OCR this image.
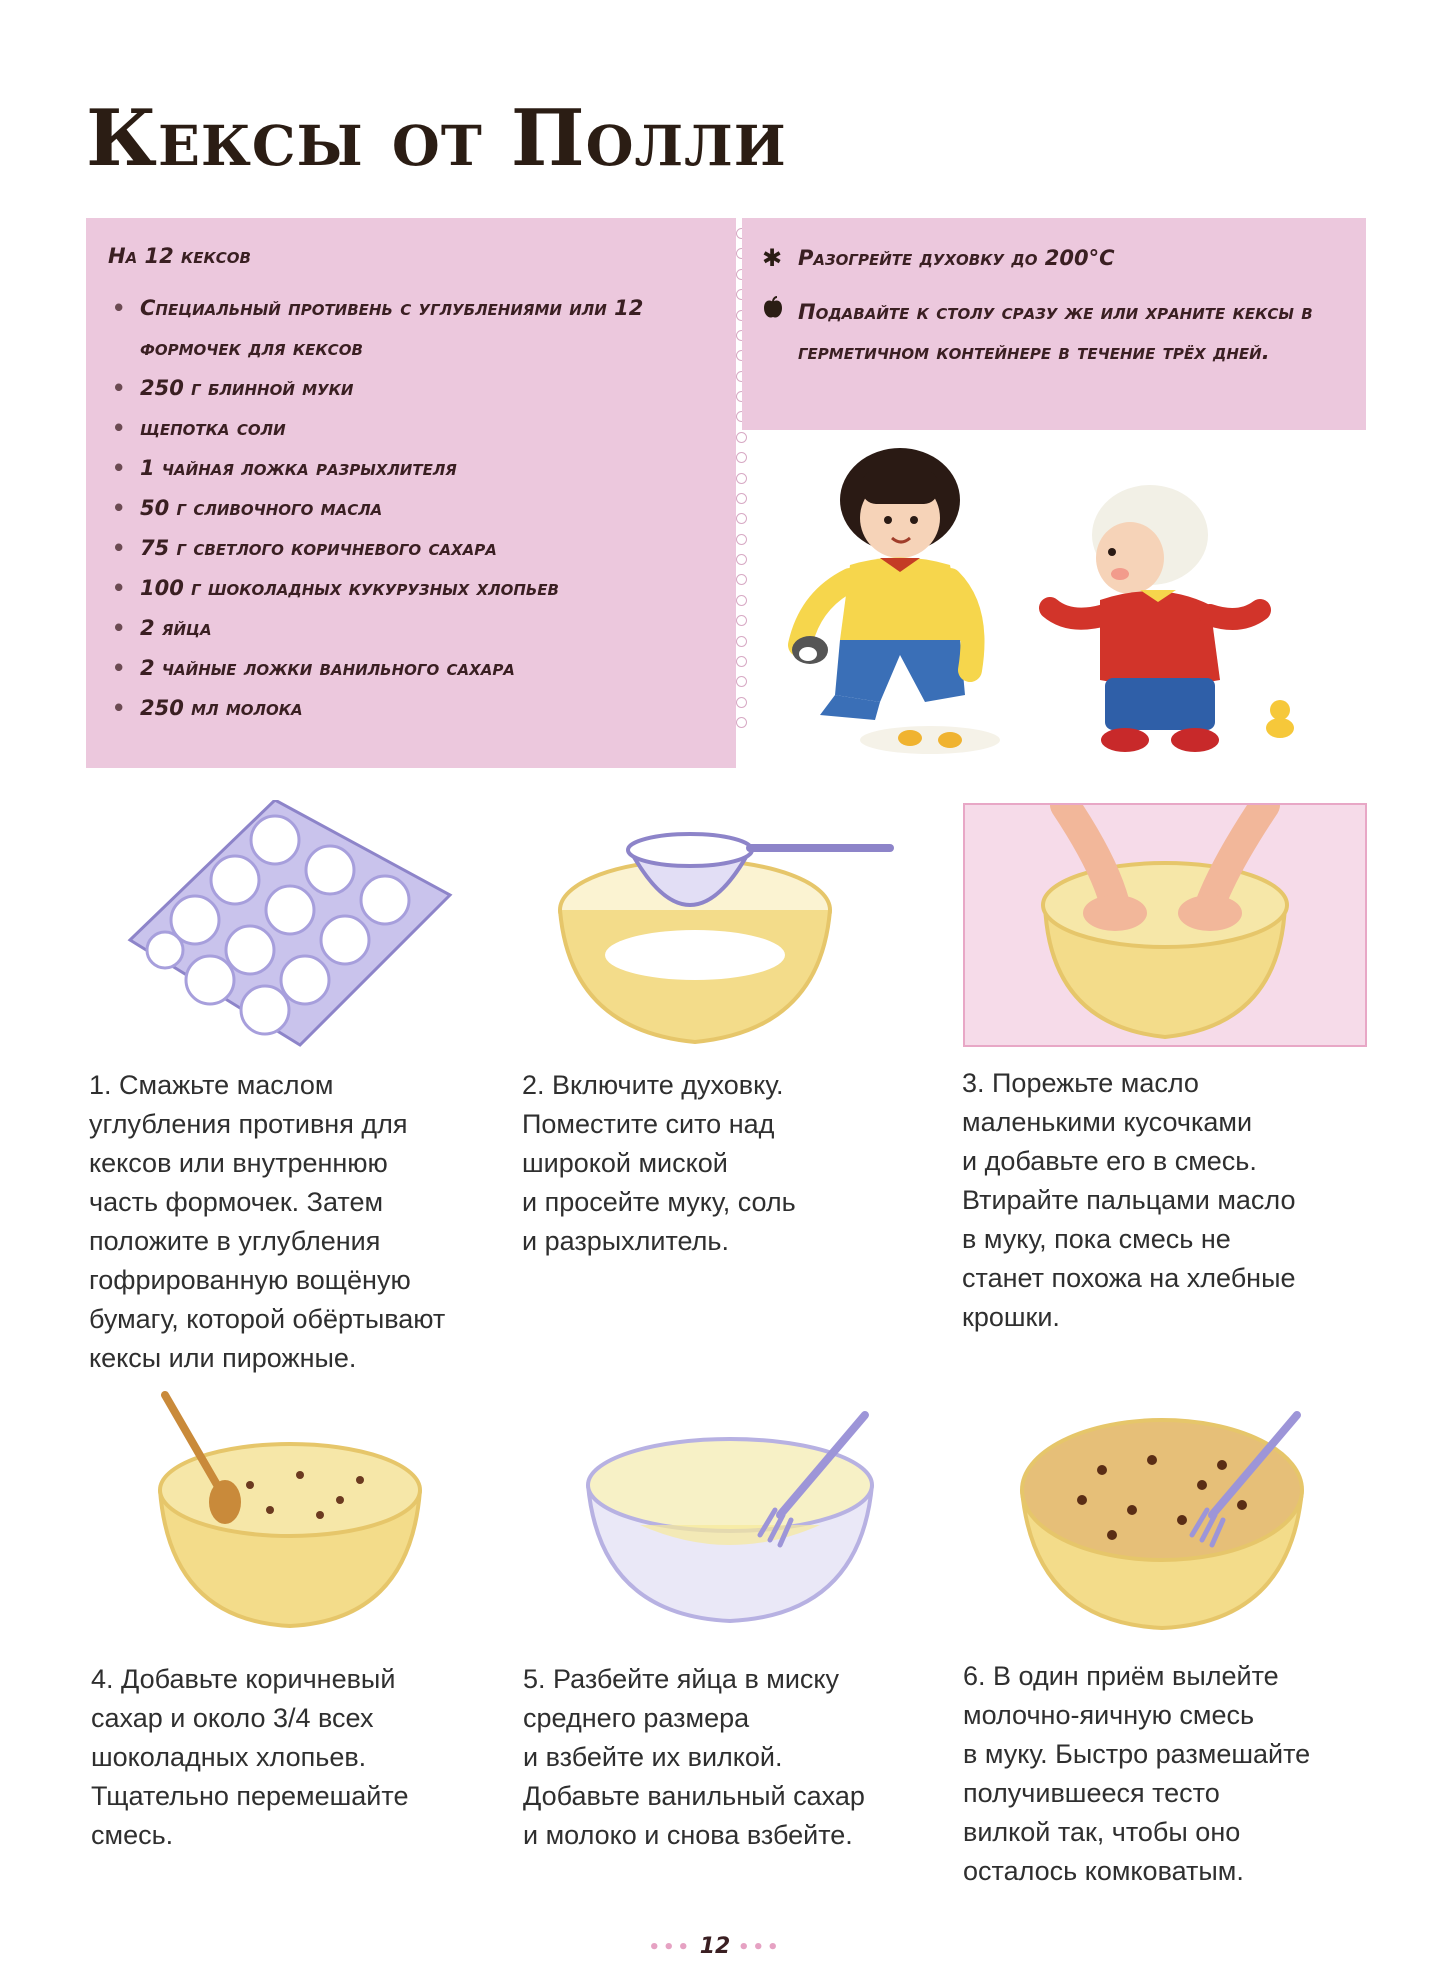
Кексы от Полли
На 12 кексов
• Специальный противень с углублениями или 12 формочек для кексов
• 250 г блинной муки
• щепотка соли
• 1 чайная ложка разрыхлителя
• 50 г сливочного масла
• 75 г светлого коричневого сахара
• 100 г шоколадных кукурузных хлопьев
• 2 яйца
• 2 чайные ложки ванильного сахара
• 250 мл молока
✱ Разогрейте духовку до 200°С
Подавайте к столу сразу же или храните кексы в герметичном контейнере в течение трёх дней.

1. Смажьте маслом
углубления противня для
кексов или внутреннюю
часть формочек. Затем
положите в углубления
гофрированную вощёную
бумагу, которой обёртывают
кексы или пирожные.

2. Включите духовку.
Поместите сито над
широкой миской
и просейте муку, соль
и разрыхлитель.

3. Порежьте масло
маленькими кусочками
и добавьте его в смесь.
Втирайте пальцами масло
в муку, пока смесь не
станет похожа на хлебные
крошки.

4. Добавьте коричневый
сахар и около 3/4 всех
шоколадных хлопьев.
Тщательно перемешайте
смесь.

5. Разбейте яйца в миску
среднего размера
и взбейте их вилкой.
Добавьте ванильный сахар
и молоко и снова взбейте.

6. В один приём вылейте
молочно-яичную смесь
в муку. Быстро размешайте
получившееся тесто
вилкой так, чтобы оно
осталось комковатым.

••• 12 •••
